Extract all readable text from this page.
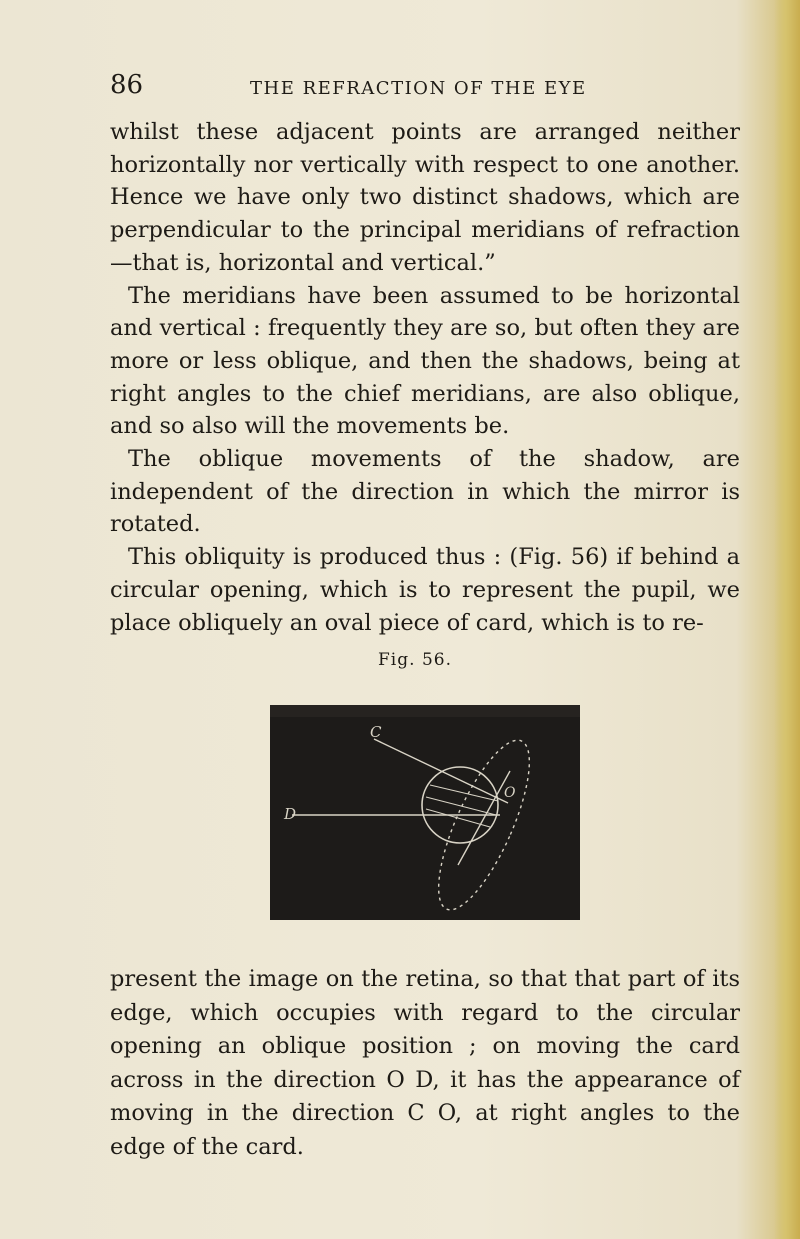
86	THE REFRACTION OF THE EYE

whilst these adjacent points are arranged neither horizontally nor vertically with respect to one another. Hence we have only two distinct shadows, which are perpendicular to the principal meridians of refraction —that is, horizontal and vertical.”

The meridians have been assumed to be horizontal and vertical : frequently they are so, but often they are more or less oblique, and then the shadows, being at right angles to the chief meridians, are also oblique, and so also will the movements be.

The oblique movements of the shadow, are independent of the direction in which the mirror is rotated.

This obliquity is produced thus : (Fig. 56) if behind a circular opening, which is to represent the pupil, we place obliquely an oval piece of card, which is to re-

Fig. 56.
C
D
O

present the image on the retina, so that that part of its edge, which occupies with regard to the circular opening an oblique position ; on moving the card across in the direction O D, it has the appearance of moving in the direction C O, at right angles to the edge of the card.
